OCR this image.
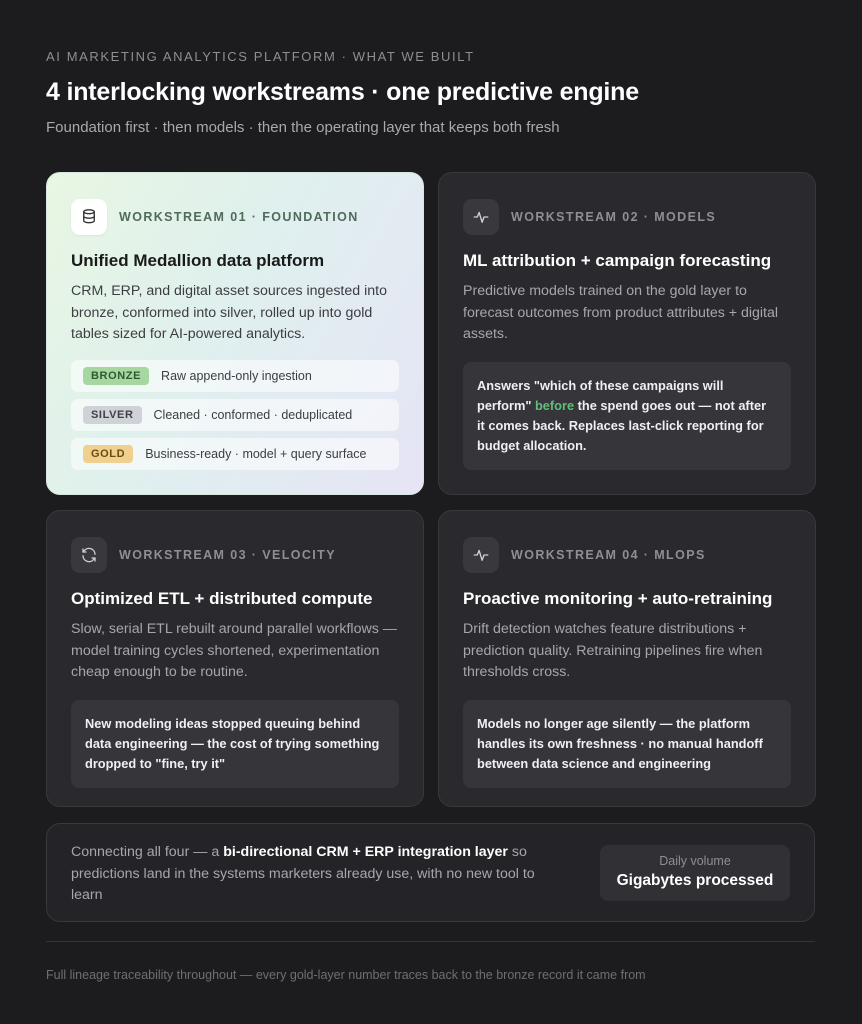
AI MARKETING ANALYTICS PLATFORM · WHAT WE BUILT
4 interlocking workstreams · one predictive engine
Foundation first · then models · then the operating layer that keeps both fresh
WORKSTREAM 01 · FOUNDATION
Unified Medallion data platform
CRM, ERP, and digital asset sources ingested into bronze, conformed into silver, rolled up into gold tables sized for AI-powered analytics.
BRONZE	Raw append-only ingestion
SILVER	Cleaned · conformed · deduplicated
GOLD	Business-ready · model + query surface
WORKSTREAM 02 · MODELS
ML attribution + campaign forecasting
Predictive models trained on the gold layer to forecast outcomes from product attributes + digital assets.
Answers "which of these campaigns will perform" before the spend goes out — not after it comes back. Replaces last-click reporting for budget allocation.
WORKSTREAM 03 · VELOCITY
Optimized ETL + distributed compute
Slow, serial ETL rebuilt around parallel workflows — model training cycles shortened, experimentation cheap enough to be routine.
New modeling ideas stopped queuing behind data engineering — the cost of trying something dropped to "fine, try it"
WORKSTREAM 04 · MLOPS
Proactive monitoring + auto-retraining
Drift detection watches feature distributions + prediction quality. Retraining pipelines fire when thresholds cross.
Models no longer age silently — the platform handles its own freshness · no manual handoff between data science and engineering
Connecting all four — a bi-directional CRM + ERP integration layer so predictions land in the systems marketers already use, with no new tool to learn
Daily volume
Gigabytes processed
Full lineage traceability throughout — every gold-layer number traces back to the bronze record it came from
